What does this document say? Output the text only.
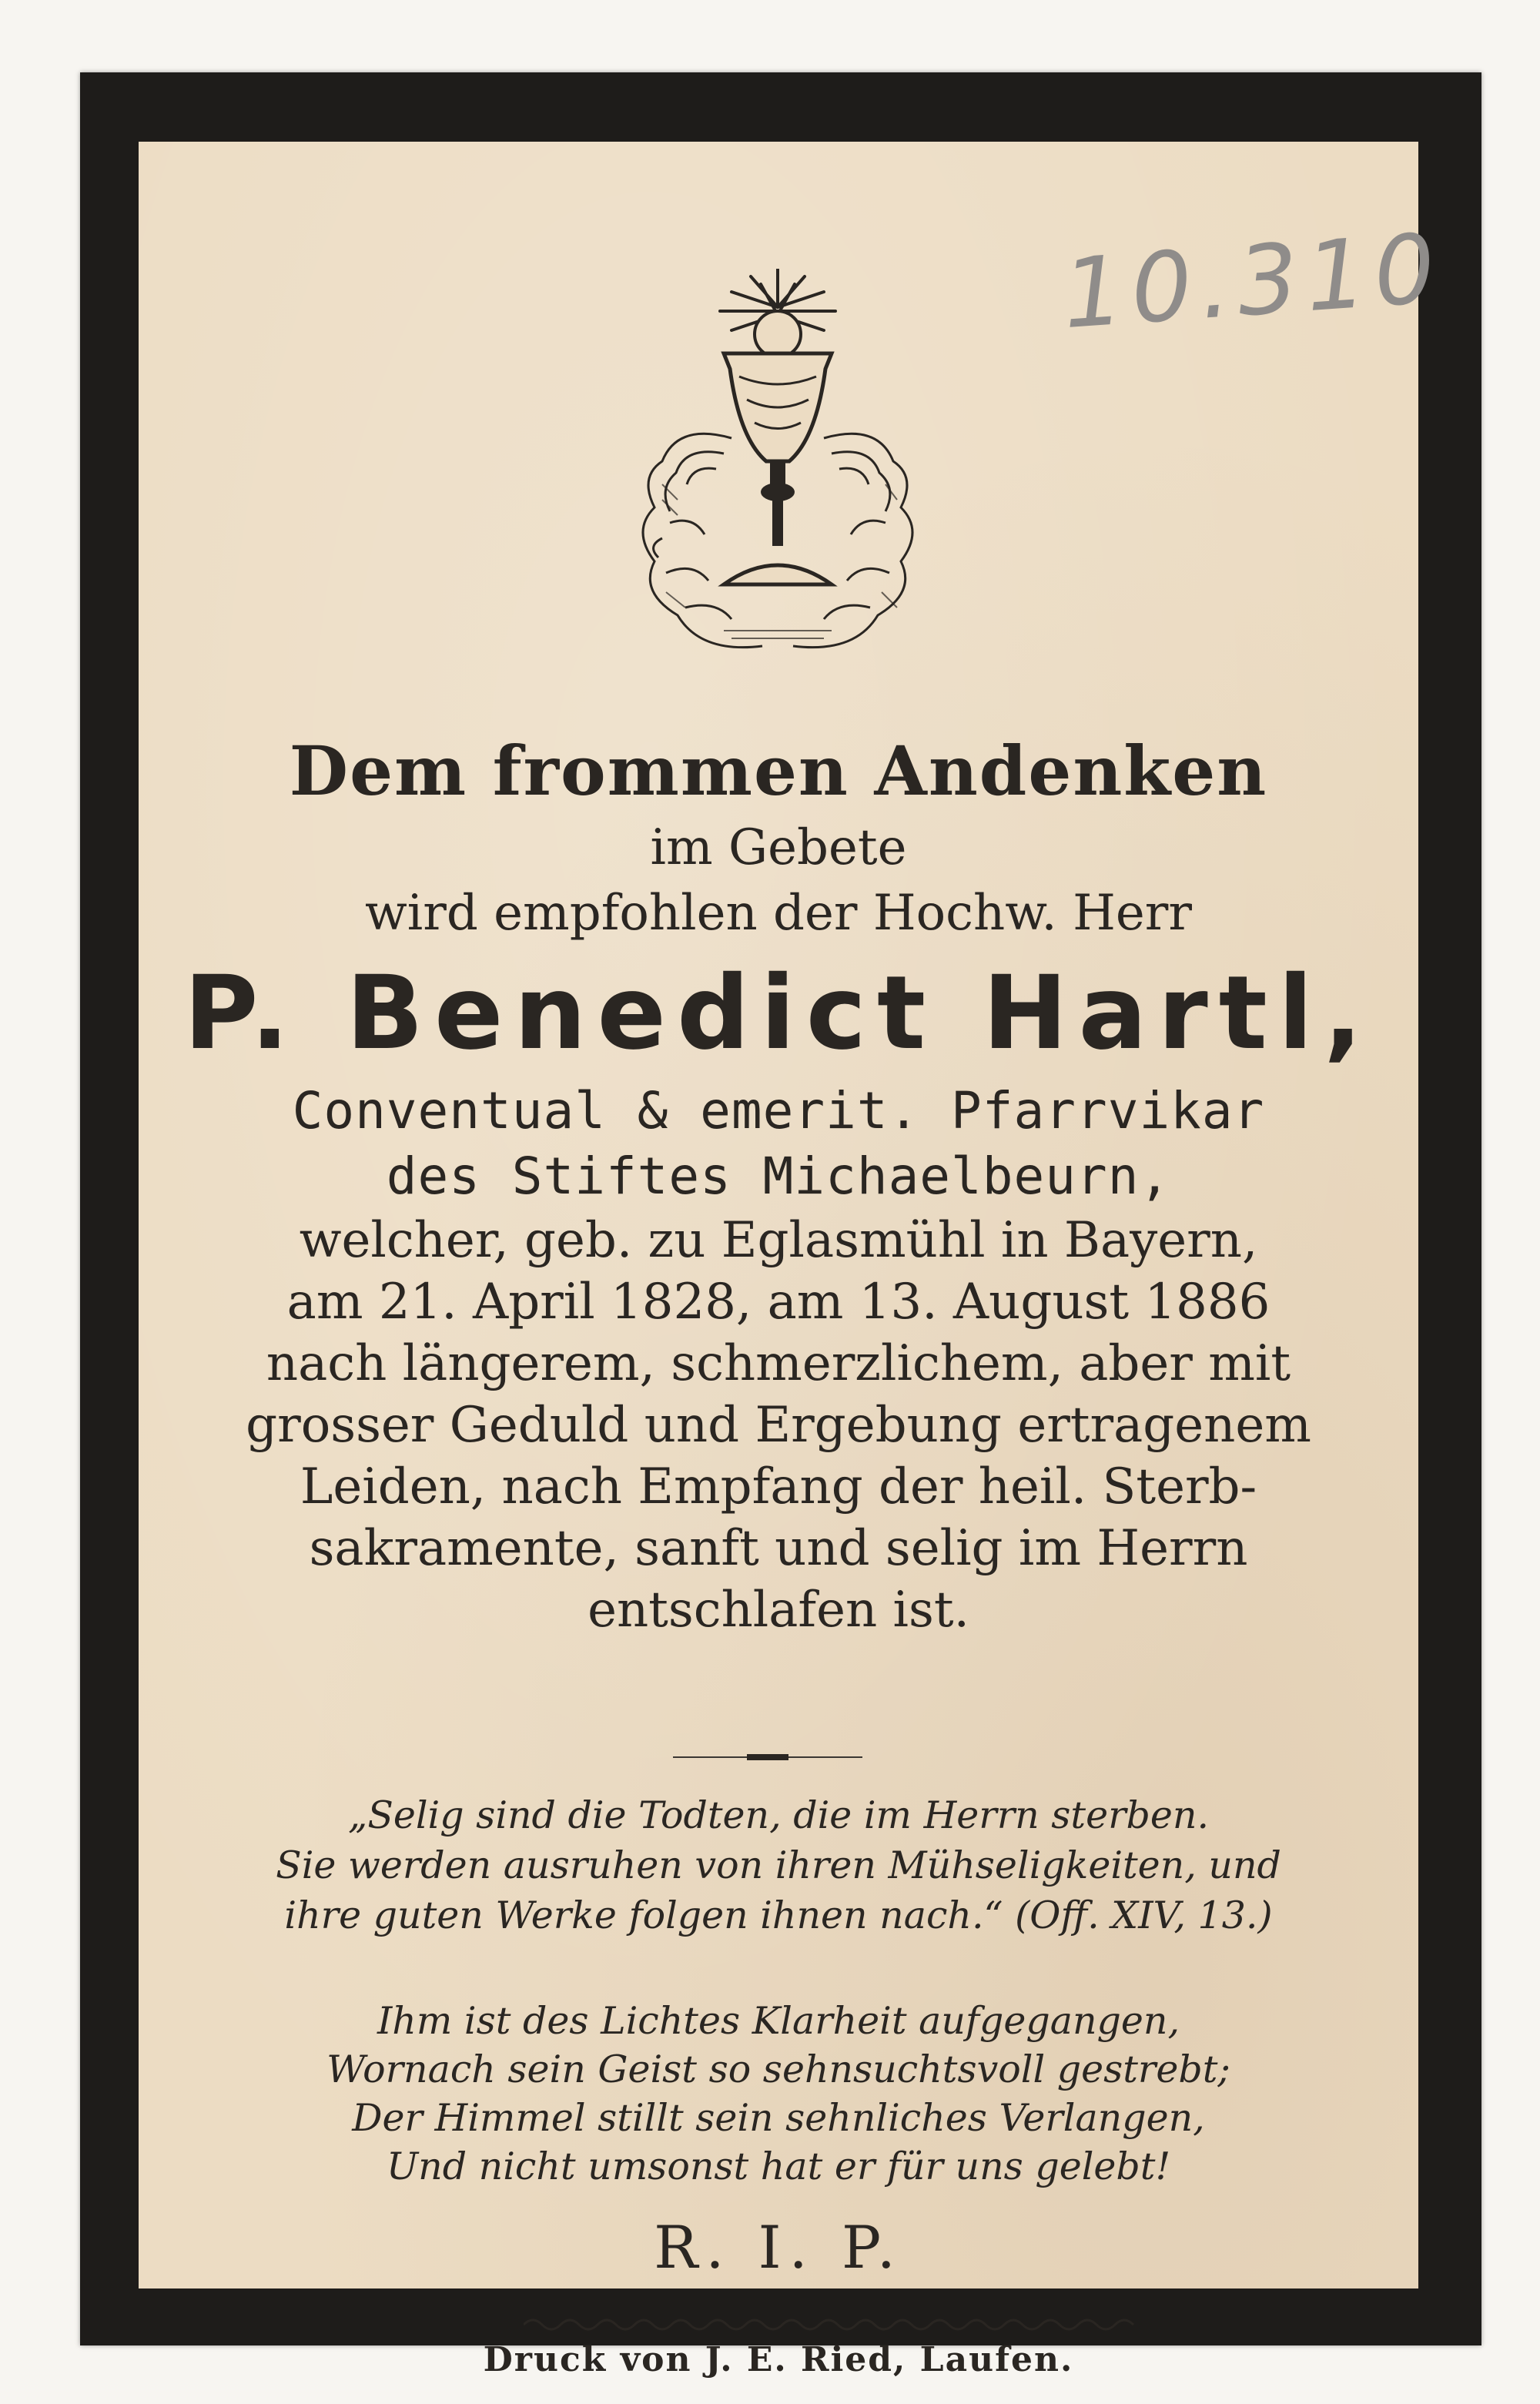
10.310
Dem frommen Andenken
im Gebete
wird empfohlen der Hochw. Herr
P. Benedict Hartl,
Conventual & emerit. Pfarrvikar
des Stiftes Michaelbeurn,
welcher, geb. zu Eglasmühl in Bayern,
am 21. April 1828, am 13. August 1886
nach längerem, schmerzlichem, aber mit
grosser Geduld und Ergebung ertragenem
Leiden, nach Empfang der heil. Sterb-
sakramente, sanft und selig im Herrn
entschlafen ist.
„Selig sind die Todten, die im Herrn sterben.
Sie werden ausruhen von ihren Mühseligkeiten, und
ihre guten Werke folgen ihnen nach.“ (Off. XIV, 13.)
Ihm ist des Lichtes Klarheit aufgegangen,
Wornach sein Geist so sehnsuchtsvoll gestrebt;
Der Himmel stillt sein sehnliches Verlangen,
Und nicht umsonst hat er für uns gelebt!
R. I. P.
Druck von J. E. Ried, Laufen.
